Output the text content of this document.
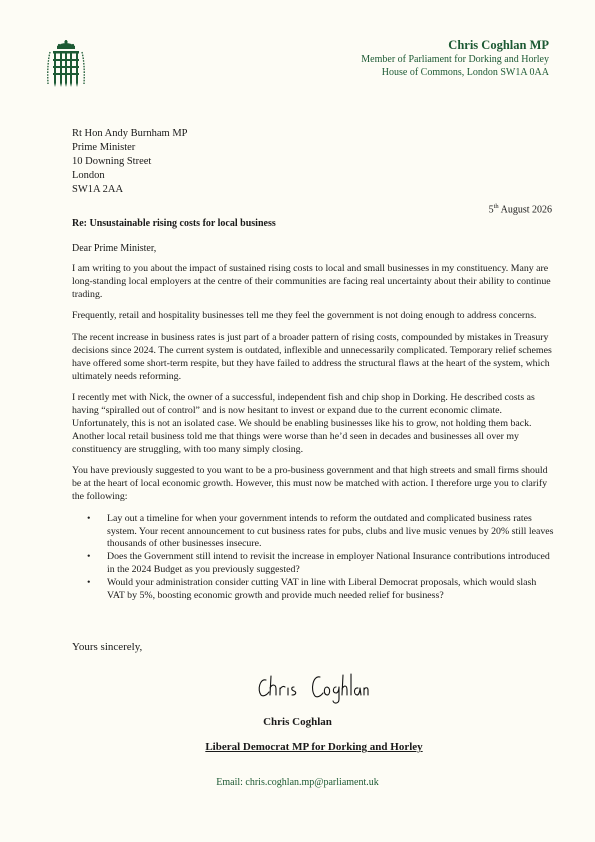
Chris Coghlan MP
Member of Parliament for Dorking and Horley
House of Commons, London SW1A 0AA
Rt Hon Andy Burnham MP
Prime Minister
10 Downing Street
London
SW1A 2AA
5th August 2026
Re: Unsustainable rising costs for local business
Dear Prime Minister,

I am writing to you about the impact of sustained rising costs to local and small businesses in my constituency. Many are long-standing local employers at the centre of their communities are facing real uncertainty about their ability to continue trading.

Frequently, retail and hospitality businesses tell me they feel the government is not doing enough to address concerns.

The recent increase in business rates is just part of a broader pattern of rising costs, compounded by mistakes in Treasury decisions since 2024. The current system is outdated, inflexible and unnecessarily complicated. Temporary relief schemes have offered some short-term respite, but they have failed to address the structural flaws at the heart of the system, which ultimately needs reforming.

I recently met with Nick, the owner of a successful, independent fish and chip shop in Dorking. He described costs as having “spiralled out of control” and is now hesitant to invest or expand due to the current economic climate. Unfortunately, this is not an isolated case. We should be enabling businesses like his to grow, not holding them back. Another local retail business told me that things were worse than he’d seen in decades and businesses all over my constituency are struggling, with too many simply closing.

You have previously suggested to you want to be a pro-business government and that high streets and small firms should be at the heart of local economic growth. However, this must now be matched with action. I therefore urge you to clarify the following:

• Lay out a timeline for when your government intends to reform the outdated and complicated business rates system. Your recent announcement to cut business rates for pubs, clubs and live music venues by 20% still leaves thousands of other businesses insecure.
• Does the Government still intend to revisit the increase in employer National Insurance contributions introduced in the 2024 Budget as you previously suggested?
• Would your administration consider cutting VAT in line with Liberal Democrat proposals, which would slash VAT by 5%, boosting economic growth and provide much needed relief for business?
Yours sincerely,
Chris Coghlan
Liberal Democrat MP for Dorking and Horley
Email: chris.coghlan.mp@parliament.uk
